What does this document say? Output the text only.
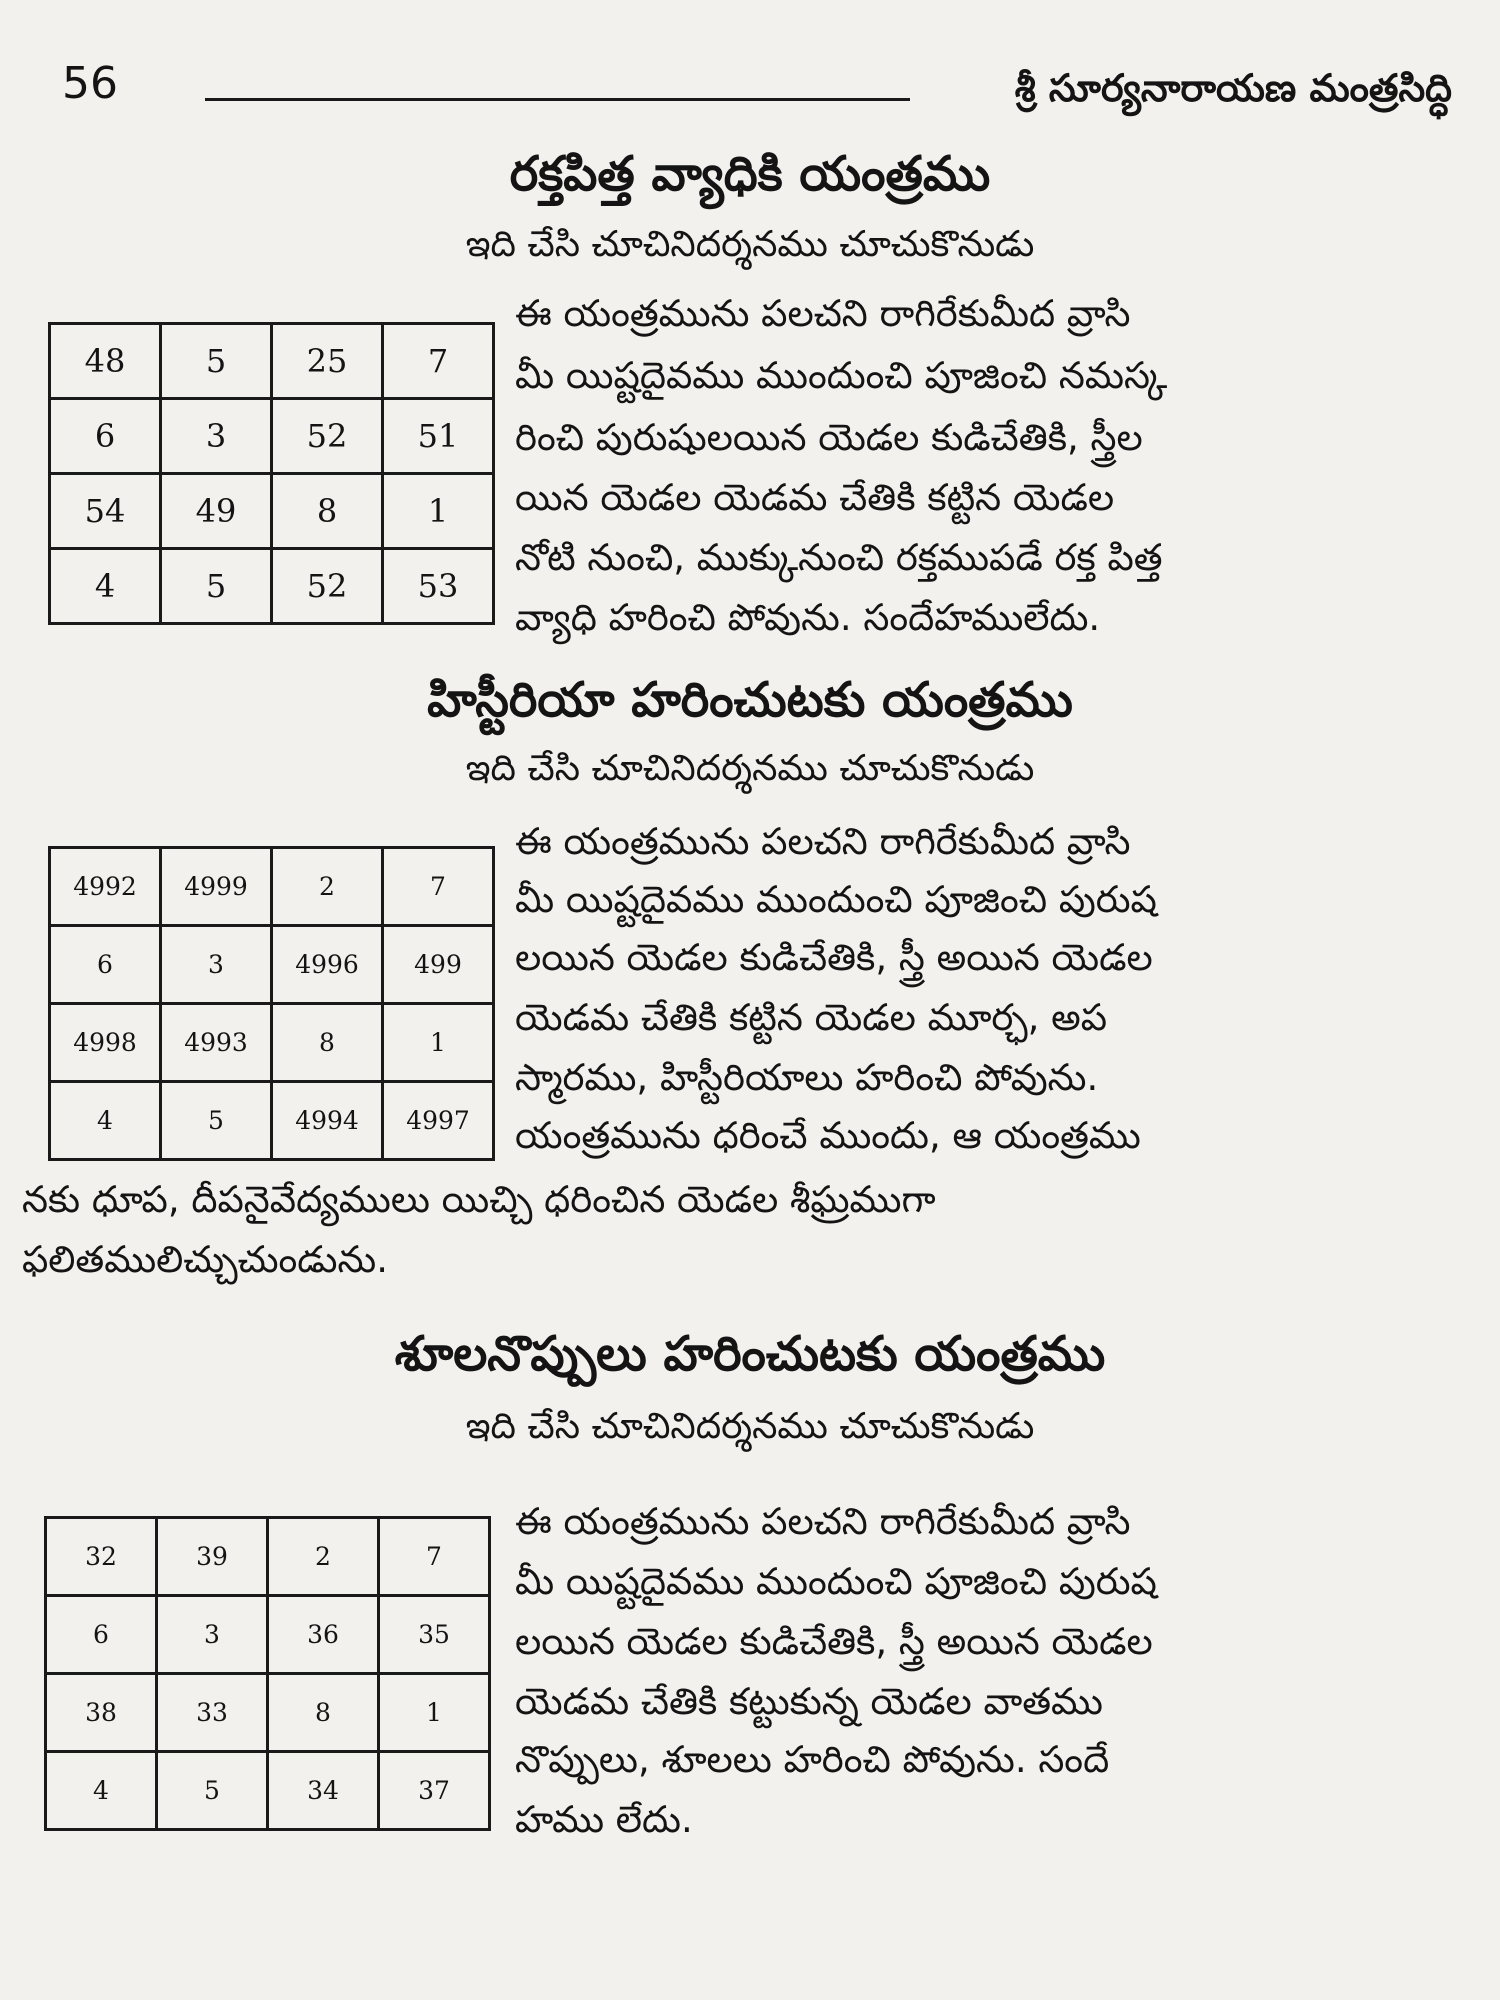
56	శ్రీ సూర్యనారాయణ మంత్రసిద్ధి
రక్తపిత్త వ్యాధికి యంత్రము
ఇది చేసి చూచినిదర్శనము చూచుకొనుడు
48	5	25	7
6	3	52	51
54	49	8	1
4	5	52	53
ఈ యంత్రమును పలచని రాగిరేకుమీద వ్రాసి
మీ యిష్టదైవము ముందుంచి పూజించి నమస్క
రించి పురుషులయిన యెడల కుడిచేతికి, స్త్రీల
యిన యెడల యెడమ చేతికి కట్టిన యెడల
నోటి నుంచి, ముక్కునుంచి రక్తముపడే రక్త పిత్త
వ్యాధి హరించి పోవును. సందేహములేదు.
హిస్టీరియా హరించుటకు యంత్రము
ఇది చేసి చూచినిదర్శనము చూచుకొనుడు
4992	4999	2	7
6	3	4996	499
4998	4993	8	1
4	5	4994	4997
ఈ యంత్రమును పలచని రాగిరేకుమీద వ్రాసి
మీ యిష్టదైవము ముందుంచి పూజించి పురుష
లయిన యెడల కుడిచేతికి, స్త్రీ అయిన యెడల
యెడమ చేతికి కట్టిన యెడల మూర్ఛ, అప
స్మారము, హిస్టీరియాలు హరించి పోవును.
యంత్రమును ధరించే ముందు, ఆ యంత్రము
నకు ధూప, దీపనైవేద్యములు యిచ్చి ధరించిన యెడల శీఘ్రముగా
ఫలితములిచ్చుచుండును.
శూలనొప్పులు హరించుటకు యంత్రము
ఇది చేసి చూచినిదర్శనము చూచుకొనుడు
32	39	2	7
6	3	36	35
38	33	8	1
4	5	34	37
ఈ యంత్రమును పలచని రాగిరేకుమీద వ్రాసి
మీ యిష్టదైవము ముందుంచి పూజించి పురుష
లయిన యెడల కుడిచేతికి, స్త్రీ అయిన యెడల
యెడమ చేతికి కట్టుకున్న యెడల వాతము
నొప్పులు, శూలలు హరించి పోవును. సందే
హము లేదు.
